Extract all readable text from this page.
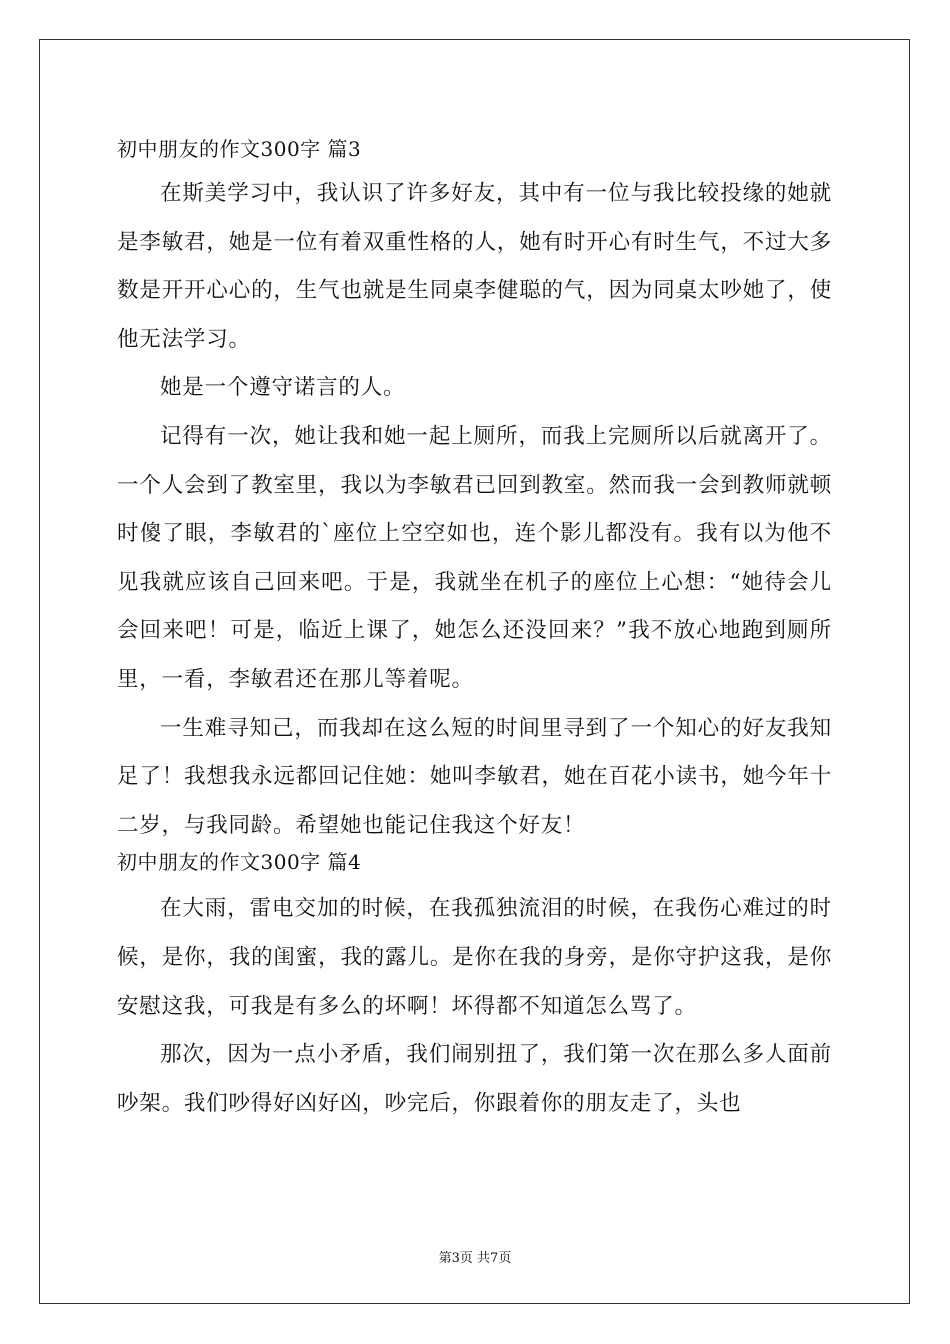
初中朋友的作文300字 篇3

在斯美学习中，我认识了许多好友，其中有一位与我比较投缘的她就是李敏君，她是一位有着双重性格的人，她有时开心有时生气，不过大多数是开开心心的，生气也就是生同桌李健聪的气，因为同桌太吵她了，使他无法学习。

她是一个遵守诺言的人。

记得有一次，她让我和她一起上厕所，而我上完厕所以后就离开了。一个人会到了教室里，我以为李敏君已回到教室。然而我一会到教师就顿时傻了眼，李敏君的`座位上空空如也，连个影儿都没有。我有以为他不见我就应该自己回来吧。于是，我就坐在机子的座位上心想：“她待会儿会回来吧！可是，临近上课了，她怎么还没回来？”我不放心地跑到厕所里，一看，李敏君还在那儿等着呢。

一生难寻知己，而我却在这么短的时间里寻到了一个知心的好友我知足了！我想我永远都回记住她：她叫李敏君，她在百花小读书，她今年十二岁，与我同龄。希望她也能记住我这个好友！

初中朋友的作文300字 篇4

在大雨，雷电交加的时候，在我孤独流泪的时候，在我伤心难过的时候，是你，我的闺蜜，我的露儿。是你在我的身旁，是你守护这我，是你安慰这我，可我是有多么的坏啊！坏得都不知道怎么骂了。

那次，因为一点小矛盾，我们闹别扭了，我们第一次在那么多人面前吵架。我们吵得好凶好凶，吵完后，你跟着你的朋友走了，头也

第3页 共7页
